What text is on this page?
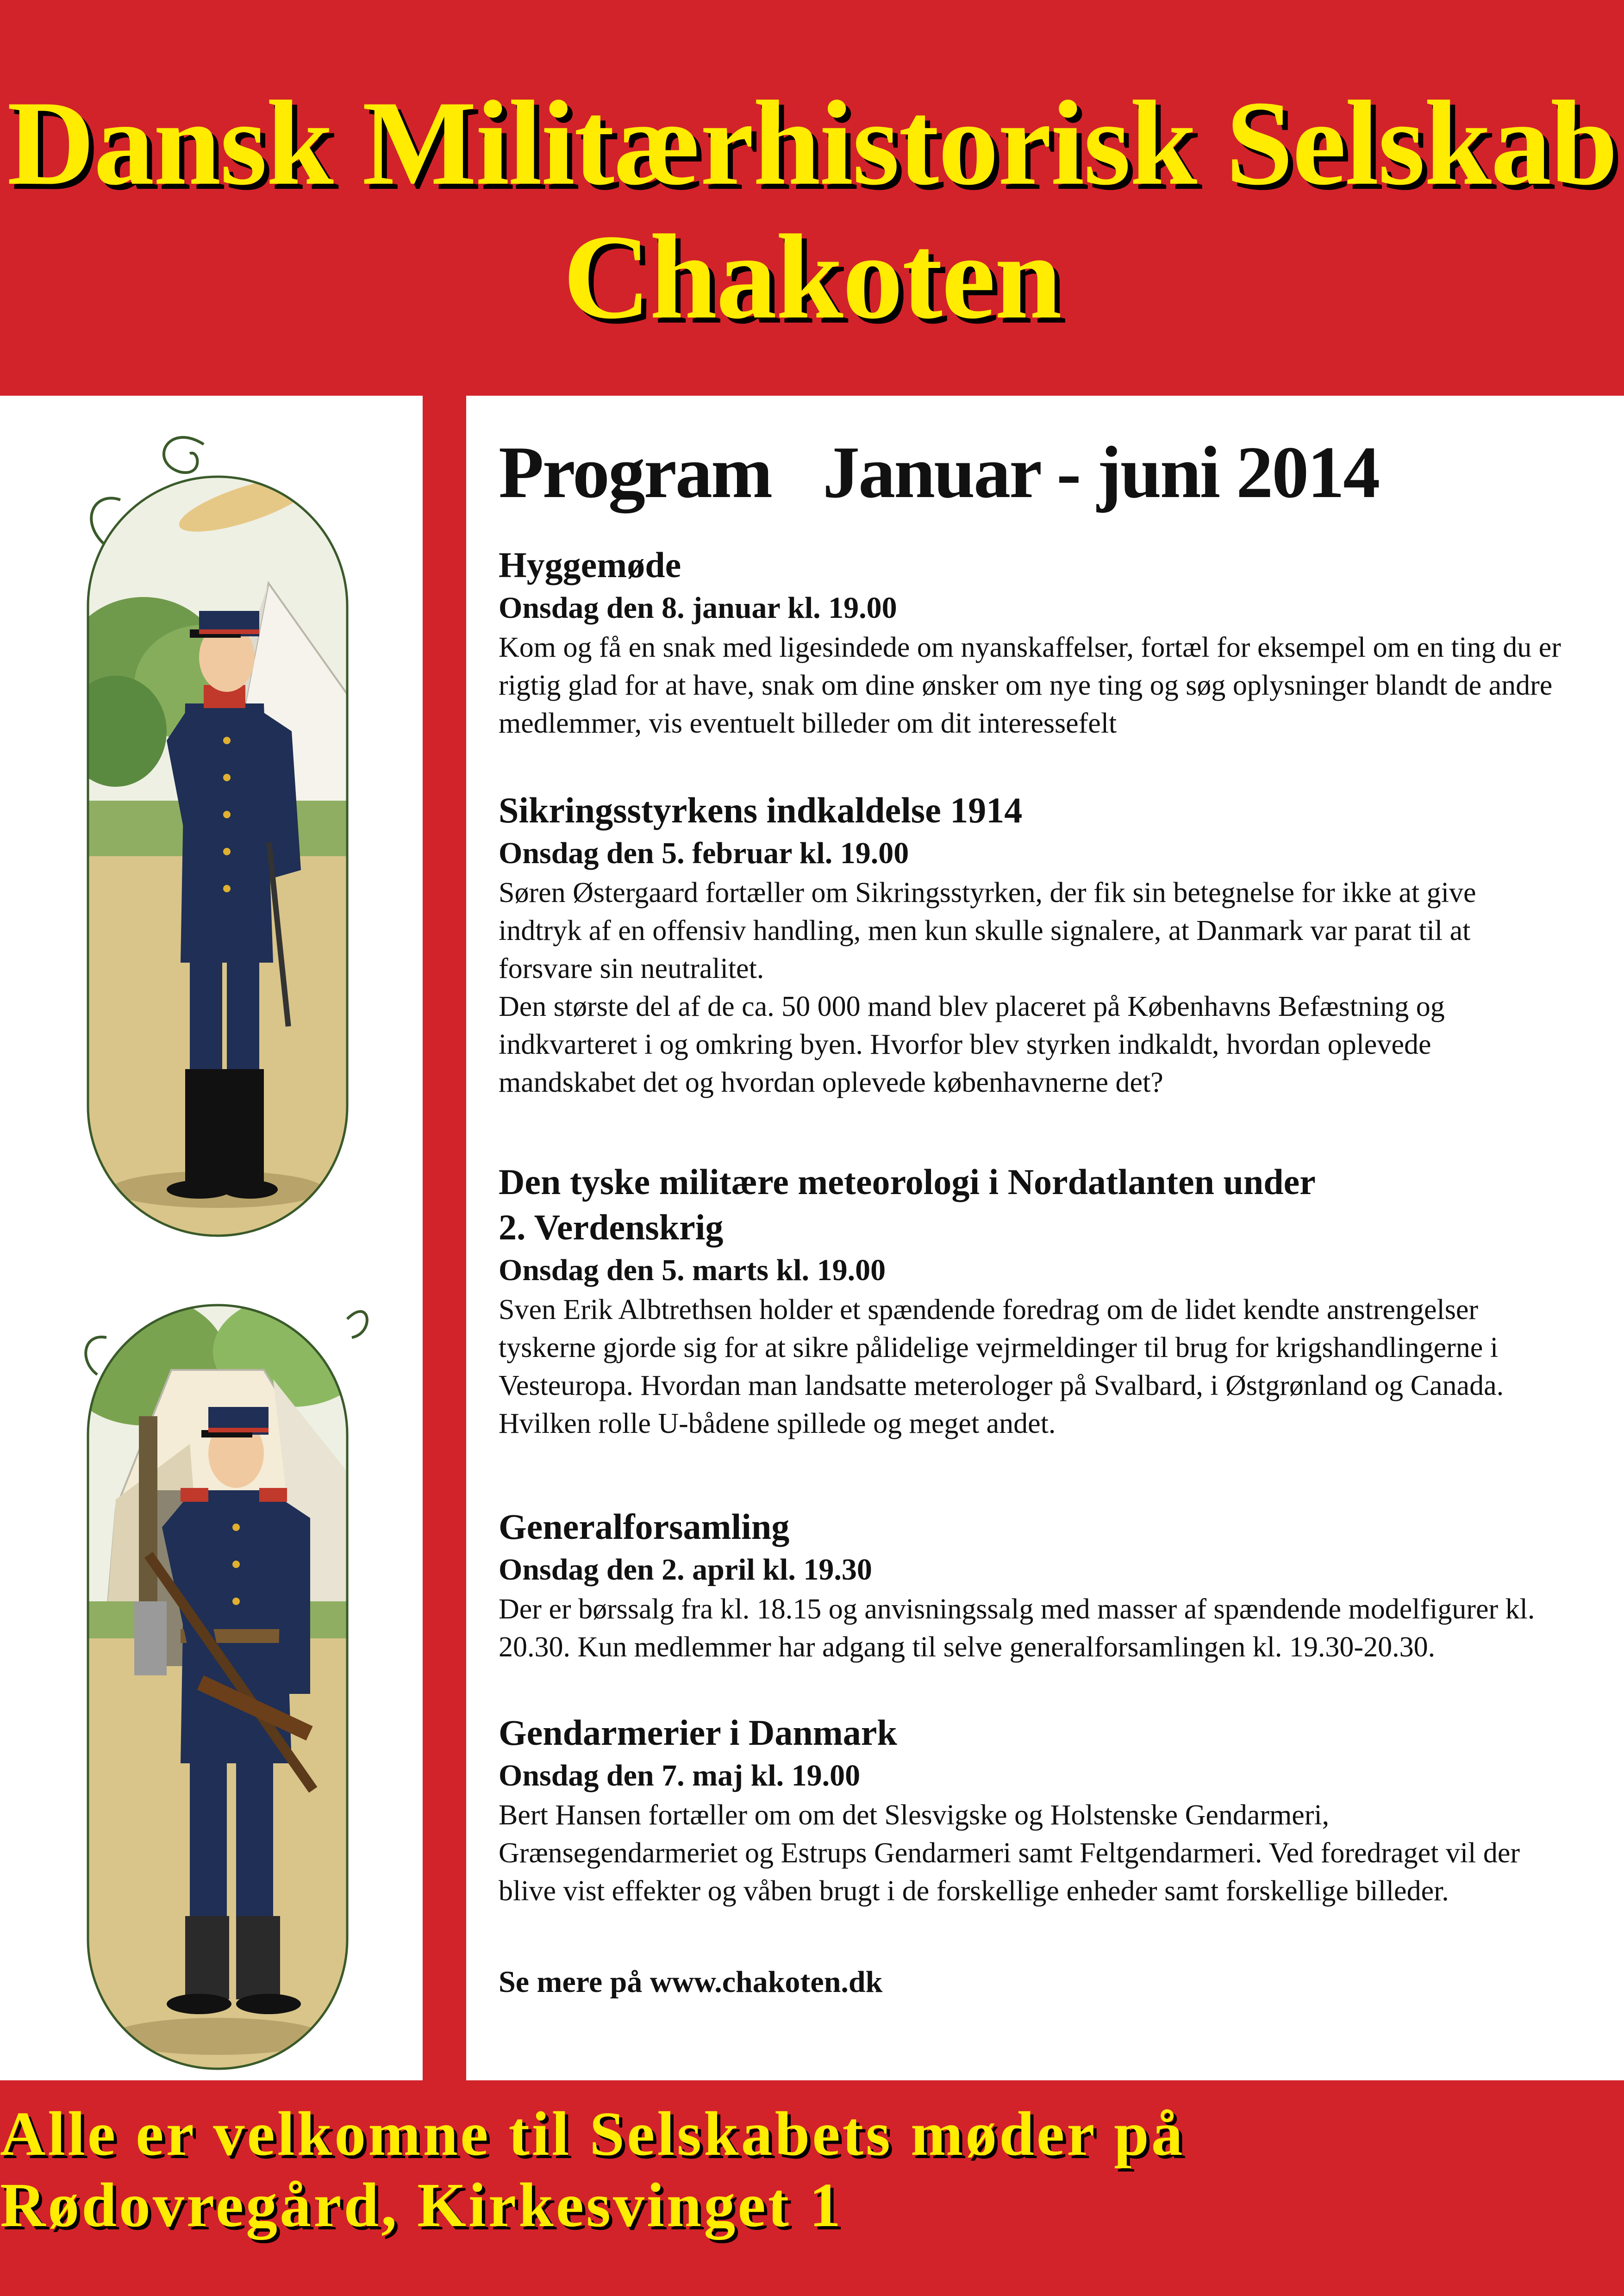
Dansk Militærhistorisk Selskab
Chakoten
Program   Januar - juni 2014
Hyggemøde
Onsdag den 8. januar kl. 19.00

Kom og få en snak med ligesindede om nyanskaffelser, fortæl for eksempel om en ting du er rigtig glad for at have, snak om dine ønsker om nye ting og søg oplysninger blandt de andre medlemmer, vis eventuelt billeder om dit interessefelt

Sikringsstyrkens indkaldelse 1914
Onsdag den 5. februar kl. 19.00

Søren Østergaard fortæller om Sikringsstyrken, der fik sin betegnelse for ikke at give indtryk af en offensiv handling, men kun skulle signalere, at Danmark var parat til at forsvare sin neutralitet.

Den største del af de ca. 50 000 mand blev placeret på Københavns Befæstning og indkvarteret i og omkring byen. Hvorfor blev styrken indkaldt, hvordan oplevede mandskabet det og hvordan oplevede københavnerne det?

Den tyske militære meteorologi i Nordatlanten under 2. Verdenskrig
Onsdag den 5. marts kl. 19.00

Sven Erik Albtrethsen holder et spændende foredrag om de lidet kendte anstrengelser tyskerne gjorde sig for at sikre pålidelige vejrmeldinger til brug for krigshandlingerne i Vesteuropa. Hvordan man landsatte meterologer på Svalbard, i Østgrønland og Canada. Hvilken rolle U-bådene spillede og meget andet.

Generalforsamling
Onsdag den 2. april kl. 19.30

Der er børssalg fra kl. 18.15 og anvisningssalg med masser af spændende modelfigurer kl. 20.30. Kun medlemmer har adgang til selve generalforsamlingen kl. 19.30-20.30.

Gendarmerier i Danmark
Onsdag den 7. maj kl. 19.00

Bert Hansen fortæller om om det Slesvigske og Holstenske Gendarmeri, Grænsegendarmeriet og Estrups Gendarmeri samt Feltgendarmeri. Ved foredraget vil der blive vist effekter og våben brugt i de forskellige enheder samt forskellige billeder.

Se mere på www.chakoten.dk
Alle er velkomne til Selskabets møder på
Rødovregård, Kirkesvinget 1
